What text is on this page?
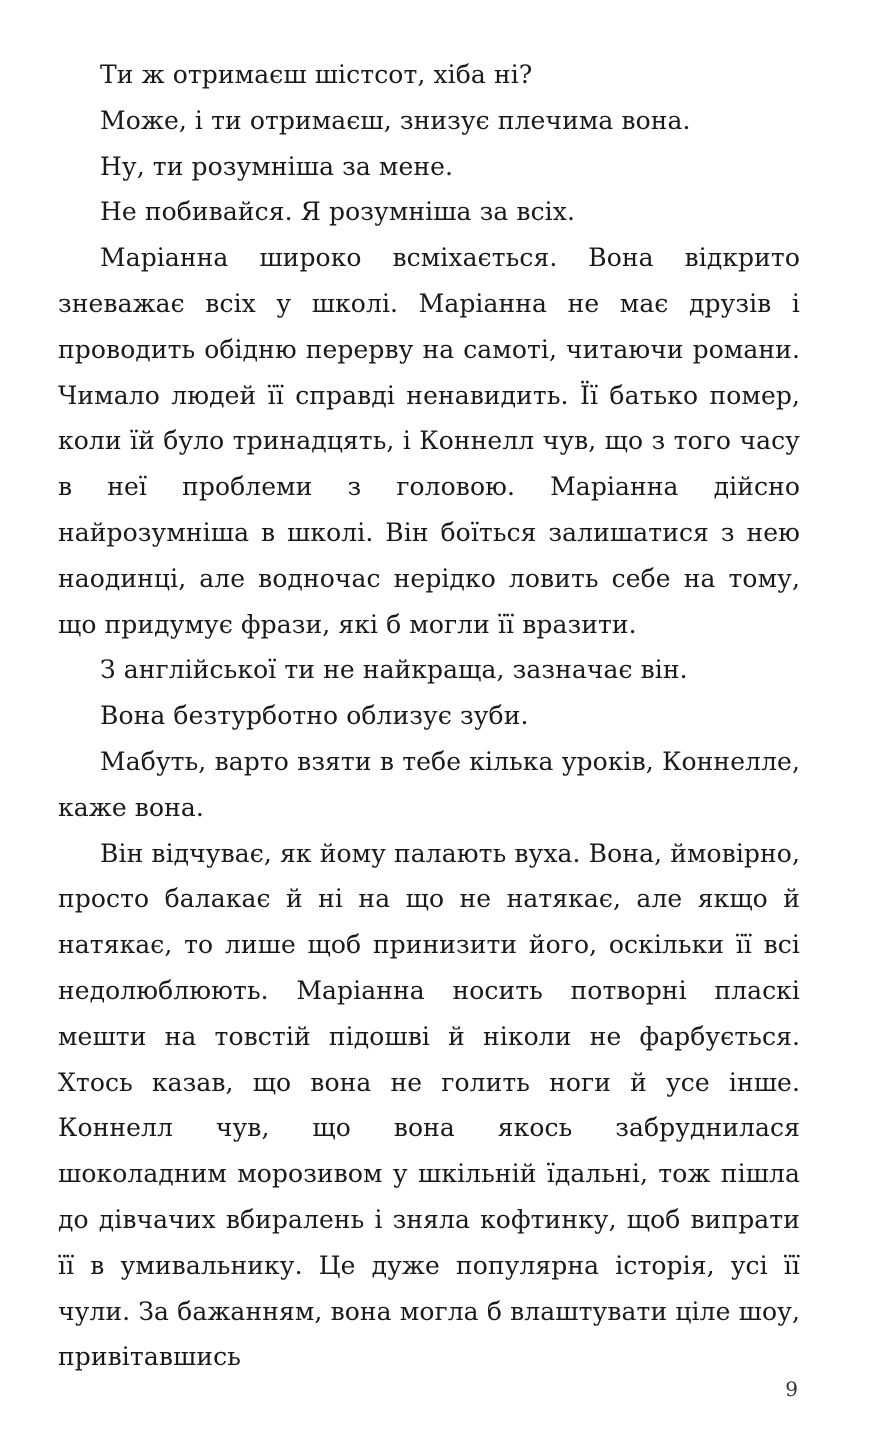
Ти ж отримаєш шістсот, хіба ні?

Може, і ти отримаєш, знизує плечима вона.

Ну, ти розумніша за мене.

Не побивайся. Я розумніша за всіх.

Маріанна широко всміхається. Вона відкрито зневажає всіх у школі. Маріанна не має друзів і проводить обідню перерву на самоті, читаючи романи. Чимало людей її справді ненавидить. Її батько помер, коли їй було тринадцять, і Коннелл чув, що з того часу в неї проблеми з головою. Маріанна дійсно найрозумніша в школі. Він боїться залишатися з нею наодинці, але водночас нерідко ловить себе на тому, що придумує фрази, які б могли її вразити.

З англійської ти не найкраща, зазначає він.

Вона безтурботно облизує зуби.

Мабуть, варто взяти в тебе кілька уроків, Коннелле, каже вона.

Він відчуває, як йому палають вуха. Вона, ймовірно, просто балакає й ні на що не натякає, але якщо й натякає, то лише щоб принизити його, оскільки її всі недолюблюють. Маріанна носить потворні пласкі мешти на товстій підошві й ніколи не фарбується. Хтось казав, що вона не голить ноги й усе інше. Коннелл чув, що вона якось забруднилася шоколадним морозивом у шкільній їдальні, тож пішла до дівчачих вбиралень і зняла кофтинку, щоб випрати її в умивальнику. Це дуже популярна історія, усі її чули. За бажанням, вона могла б влаштувати ціле шоу, привітавшись

9
